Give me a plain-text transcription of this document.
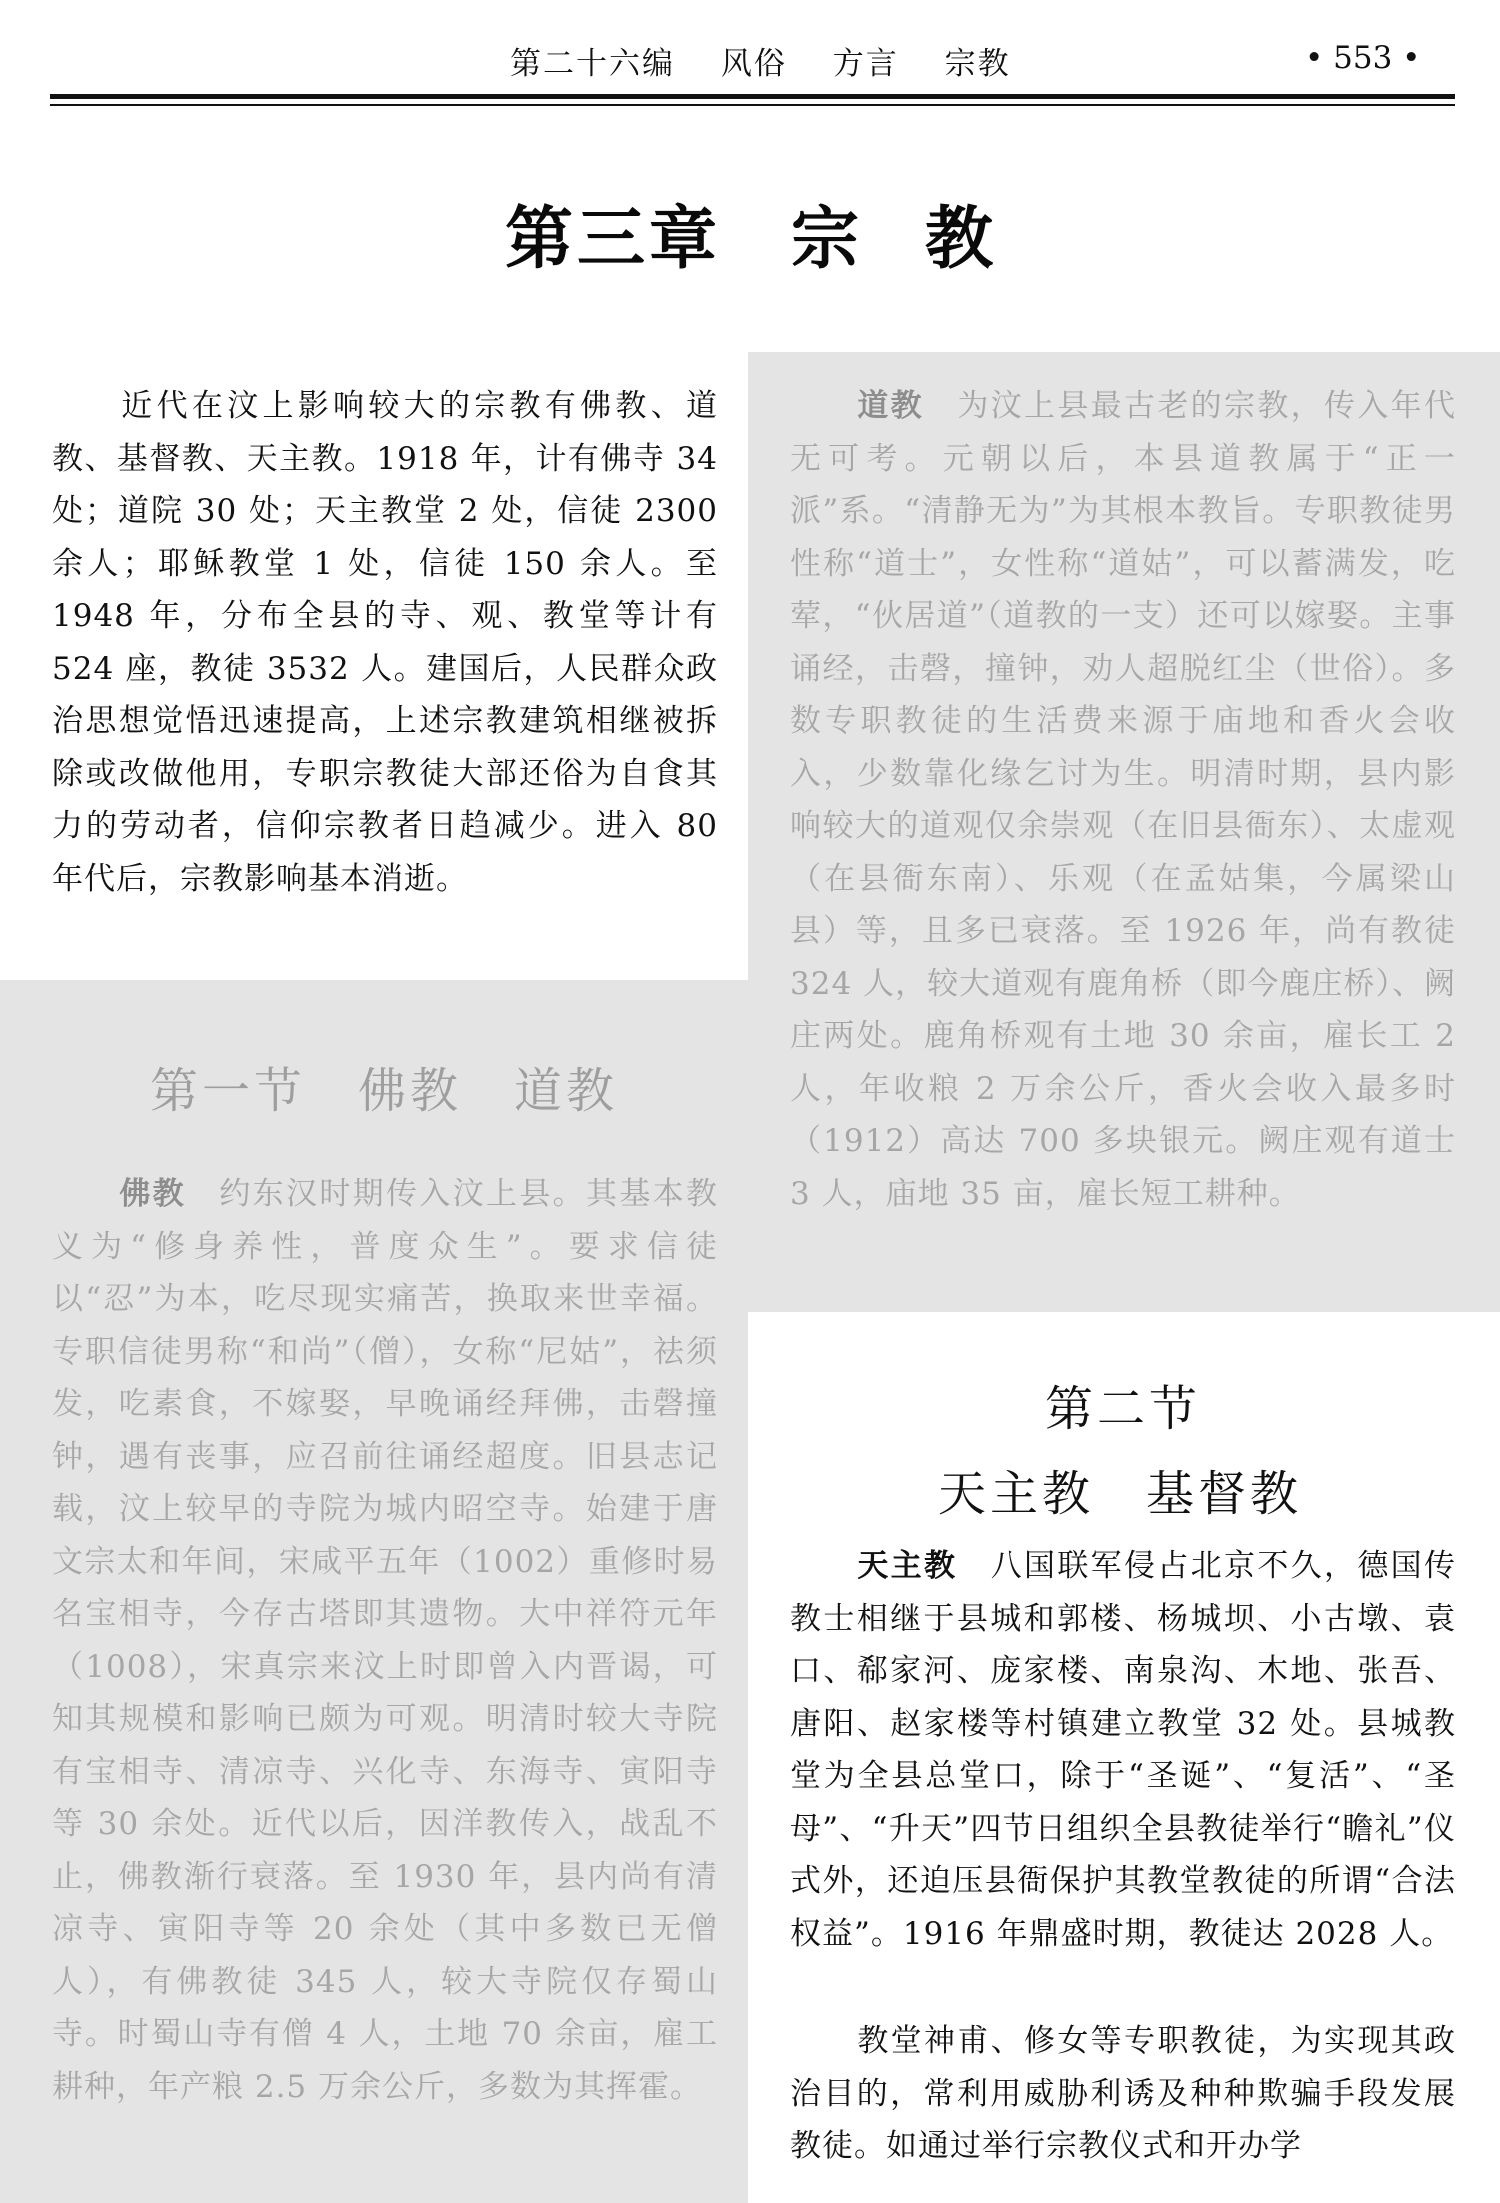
第二十六编 风俗 方言 宗教	• 553 •
第三章 宗 教

近代在汶上影响较大的宗教有佛教、道教、基督教、天主教。1918 年，计有佛寺 34 处；道院 30 处；天主教堂 2 处，信徒 2300 余人；耶稣教堂 1 处，信徒 150 余人。至 1948 年，分布全县的寺、观、教堂等计有 524 座，教徒 3532 人。建国后，人民群众政治思想觉悟迅速提高，上述宗教建筑相继被拆除或改做他用，专职宗教徒大部还俗为自食其力的劳动者，信仰宗教者日趋减少。进入 80 年代后，宗教影响基本消逝。

第一节　佛教　道教

佛教　 约东汉时期传入汶上县。其基本教义为“修身养性，普度众生”。要求信徒以“忍”为本，吃尽现实痛苦，换取来世幸福。专职信徒男称“和尚”（僧），女称“尼姑”，祛须发，吃素食，不嫁娶，早晚诵经拜佛，击磬撞钟，遇有丧事，应召前往诵经超度。旧县志记载，汶上较早的寺院为城内昭空寺。始建于唐文宗太和年间，宋咸平五年（1002）重修时易名宝相寺，今存古塔即其遗物。大中祥符元年（1008），宋真宗来汶上时即曾入内晋谒，可知其规模和影响已颇为可观。明清时较大寺院有宝相寺、清凉寺、兴化寺、东海寺、寅阳寺等 30 余处。近代以后，因洋教传入，战乱不止，佛教渐行衰落。至 1930 年，县内尚有清凉寺、寅阳寺等 20 余处（其中多数已无僧人），有佛教徒 345 人，较大寺院仅存蜀山寺。时蜀山寺有僧 4 人，土地 70 余亩，雇工耕种，年产粮 2.5 万余公斤，多数为其挥霍。

道教　 为汶上县最古老的宗教，传入年代无可考。元朝以后，本县道教属于“正一派”系。“清静无为”为其根本教旨。专职教徒男性称“道士”，女性称“道姑”，可以蓄满发，吃荤，“伙居道”（道教的一支）还可以嫁娶。主事诵经，击磬，撞钟，劝人超脱红尘（世俗）。多数专职教徒的生活费来源于庙地和香火会收入，少数靠化缘乞讨为生。明清时期，县内影响较大的道观仅余崇观（在旧县衙东）、太虚观（在县衙东南）、乐观（在孟姑集，今属梁山县）等，且多已衰落。至 1926 年，尚有教徒 324 人，较大道观有鹿角桥（即今鹿庄桥）、阙庄两处。鹿角桥观有土地 30 余亩，雇长工 2 人，年收粮 2 万余公斤，香火会收入最多时（1912）高达 700 多块银元。阙庄观有道士 3 人，庙地 35 亩，雇长短工耕种。

第二节
天主教　基督教

天主教　 八国联军侵占北京不久，德国传教士相继于县城和郭楼、杨城坝、小古墩、袁口、郗家河、庞家楼、南泉沟、木地、张吾、唐阳、赵家楼等村镇建立教堂 32 处。县城教堂为全县总堂口，除于“圣诞”、“复活”、“圣母”、“升天”四节日组织全县教徒举行“瞻礼”仪式外，还迫压县衙保护其教堂教徒的所谓“合法权益”。1916 年鼎盛时期，教徒达 2028 人。

教堂神甫、修女等专职教徒，为实现其政治目的，常利用威胁利诱及种种欺骗手段发展教徒。如通过举行宗教仪式和开办学
